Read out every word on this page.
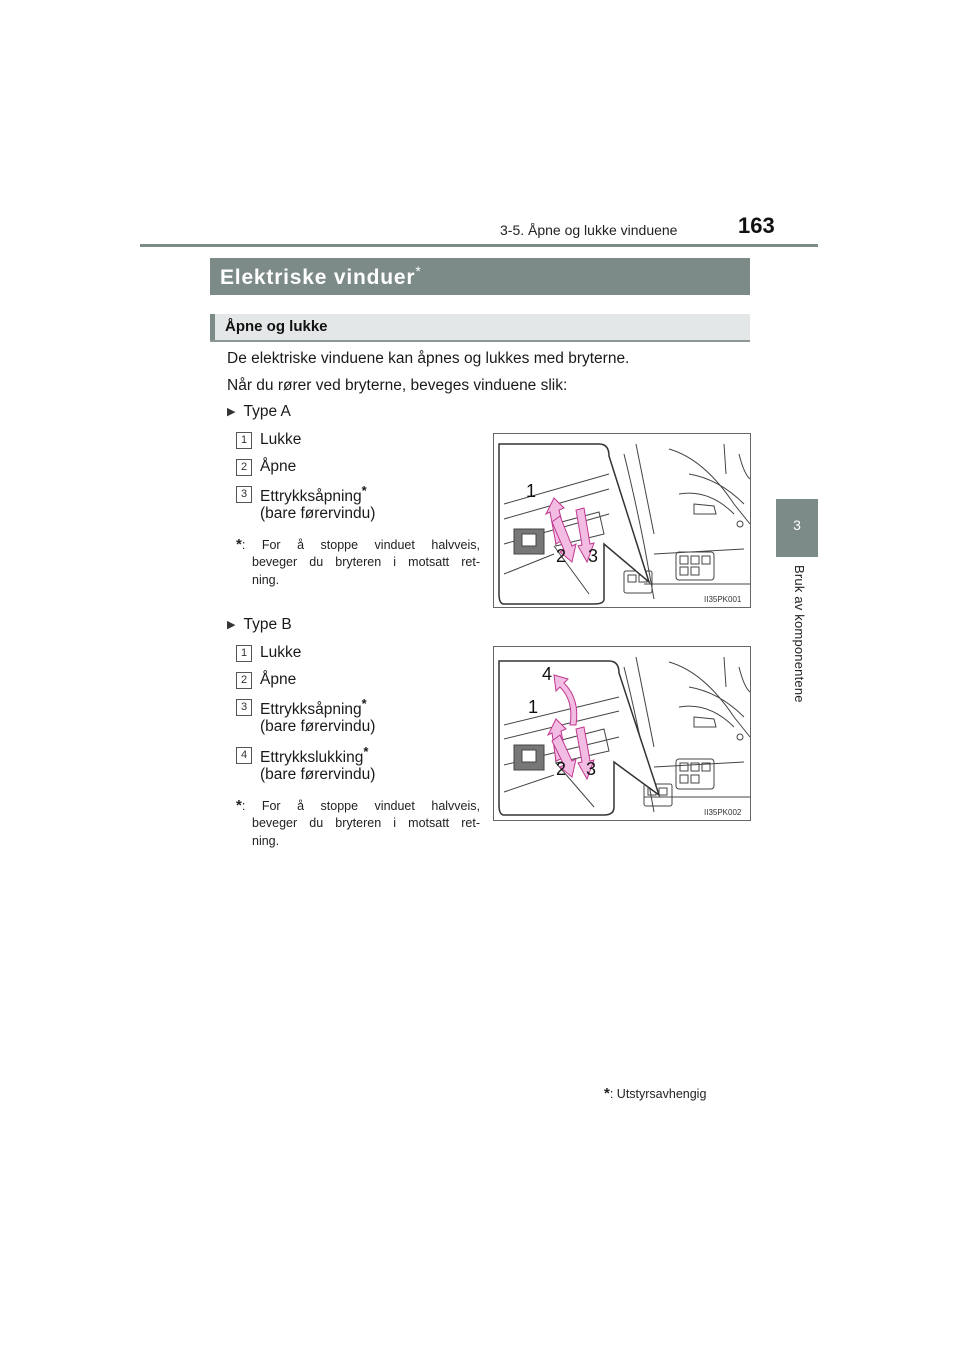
3-5. Åpne og lukke vinduene	163
3
Bruk av komponentene
Elektriske vinduer*
Åpne og lukke
De elektriske vinduene kan åpnes og lukkes med bryterne.
Når du rører ved bryterne, beveges vinduene slik:
▶ Type A
1 Lukke
2 Åpne
3 Ettrykksåpning*
(bare førervindu)
*: For å stoppe vinduet halvveis,
beveger du bryteren i motsatt ret-
ning.
1
2 3
II35PK001
▶ Type B
1 Lukke
2 Åpne
3 Ettrykksåpning*
(bare førervindu)
4 Ettrykkslukking*
(bare førervindu)
*: For å stoppe vinduet halvveis,
beveger du bryteren i motsatt ret-
ning.
4
1
2 3
II35PK002
*: Utstyrsavhengig
